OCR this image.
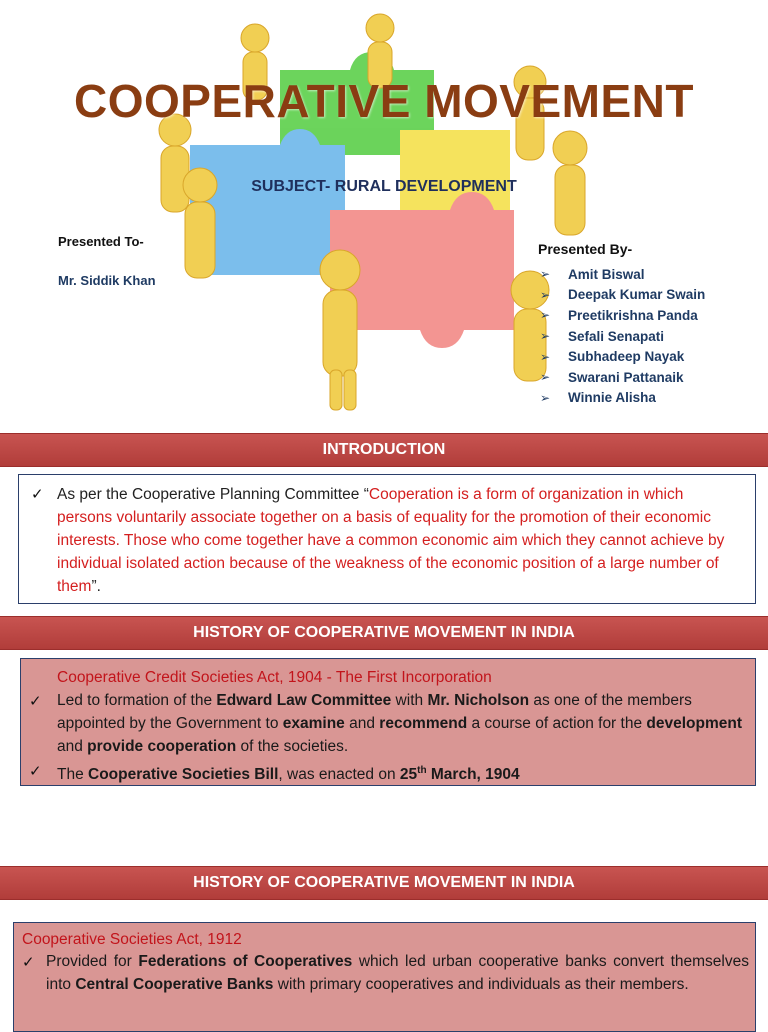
COOPERATIVE MOVEMENT
SUBJECT- RURAL DEVELOPMENT
Presented To-
Mr. Siddik Khan
Presented By-
➢	Amit Biswal
➢	Deepak Kumar Swain
➢	Preetikrishna Panda
➢	Sefali Senapati
➢	Subhadeep Nayak
➢	Swarani Pattanaik
➢	Winnie Alisha
INTRODUCTION
✓ As per the Cooperative Planning Committee “Cooperation is a form of organization in which persons voluntarily associate together on a basis of equality for the promotion of their economic interests. Those who come together have a common economic aim which they cannot achieve by individual isolated action because of the weakness of the economic position of a large number of them”.
HISTORY OF COOPERATIVE MOVEMENT IN INDIA

Cooperative Credit Societies Act, 1904 - The First Incorporation

✓ Led to formation of the Edward Law Committee with Mr. Nicholson as one of the members appointed by the Government to examine and recommend a course of action for the development and provide cooperation of the societies.

✓ The Cooperative Societies Bill, was enacted on 25th March, 1904

HISTORY OF COOPERATIVE MOVEMENT IN INDIA

Cooperative Societies Act, 1912

✓ Provided for Federations of Cooperatives which led urban cooperative banks convert themselves into Central Cooperative Banks with primary cooperatives and individuals as their members.
